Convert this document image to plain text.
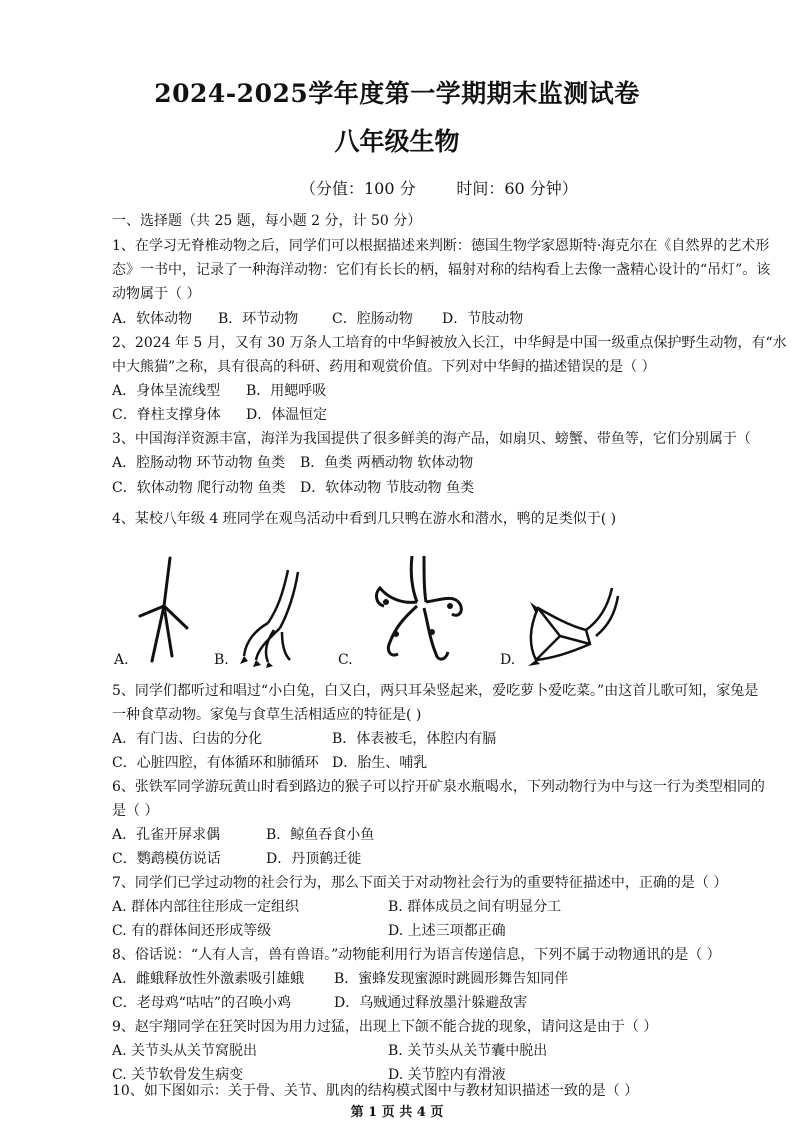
2024-2025学年度第一学期期末监测试卷
八年级生物
（分值：100 分        时间：60 分钟）
一、选择题（共 25 题，每小题 2 分，计 50 分）
1、在学习无脊椎动物之后，同学们可以根据描述来判断：德国生物学家恩斯特·海克尔在《自然界的艺术形
态》一书中，记录了一种海洋动物：它们有长长的柄，辐射对称的结构看上去像一盏精心设计的“吊灯”。该
动物属于（ ）
A．软体动物 B．环节动物 C．腔肠动物 D．节肢动物
2、2024 年 5 月，又有 30 万条人工培育的中华鲟被放入长江，中华鲟是中国一级重点保护野生动物，有“水
中大熊猫”之称，具有很高的科研、药用和观赏价值。下列对中华鲟的描述错误的是（ ）
A．身体呈流线型 B．用鳃呼吸
C．脊柱支撑身体 D．体温恒定
3、中国海洋资源丰富，海洋为我国提供了很多鲜美的海产品，如扇贝、螃蟹、带鱼等，它们分别属于（
A．腔肠动物 环节动物 鱼类 B．鱼类 两栖动物 软体动物
C．软体动物 爬行动物 鱼类 D．软体动物 节肢动物 鱼类
4、某校八年级 4 班同学在观鸟活动中看到几只鸭在游水和潜水，鸭的足类似于( )
A.	B.	C.	D.
5、同学们都听过和唱过“小白兔，白又白，两只耳朵竖起来，爱吃萝卜爱吃菜。”由这首儿歌可知，家兔是
一种食草动物。家兔与食草生活相适应的特征是( )
A．有门齿、臼齿的分化	B．体表被毛，体腔内有膈
C．心脏四腔，有体循环和肺循环 D．胎生、哺乳
6、张铁军同学游玩黄山时看到路边的猴子可以拧开矿泉水瓶喝水，下列动物行为中与这一行为类型相同的
是（ ）
A．孔雀开屏求偶	B．鲸鱼吞食小鱼
C．鹦鹉模仿说话	D．丹顶鹤迁徙
7、同学们已学过动物的社会行为，那么下面关于对动物社会行为的重要特征描述中，正确的是（ ）
A. 群体内部往往形成一定组织	B. 群体成员之间有明显分工
C. 有的群体间还形成等级	D. 上述三项都正确
8、俗话说：“人有人言，兽有兽语。”动物能利用行为语言传递信息，下列不属于动物通讯的是（ ）
A．雌蛾释放性外激素吸引雄蛾 B．蜜蜂发现蜜源时跳圆形舞告知同伴
C．老母鸡“咕咕”的召唤小鸡	D．乌贼通过释放墨汁躲避敌害
9、赵宇翔同学在狂笑时因为用力过猛，出现上下颌不能合拢的现象，请问这是由于（ ）
A. 关节头从关节窝脱出	B. 关节头从关节囊中脱出
C. 关节软骨发生病变	D. 关节腔内有滑液
10、如下图如示：关于骨、关节、肌肉的结构模式图中与教材知识描述一致的是（ ）
第 1 页 共 4 页
